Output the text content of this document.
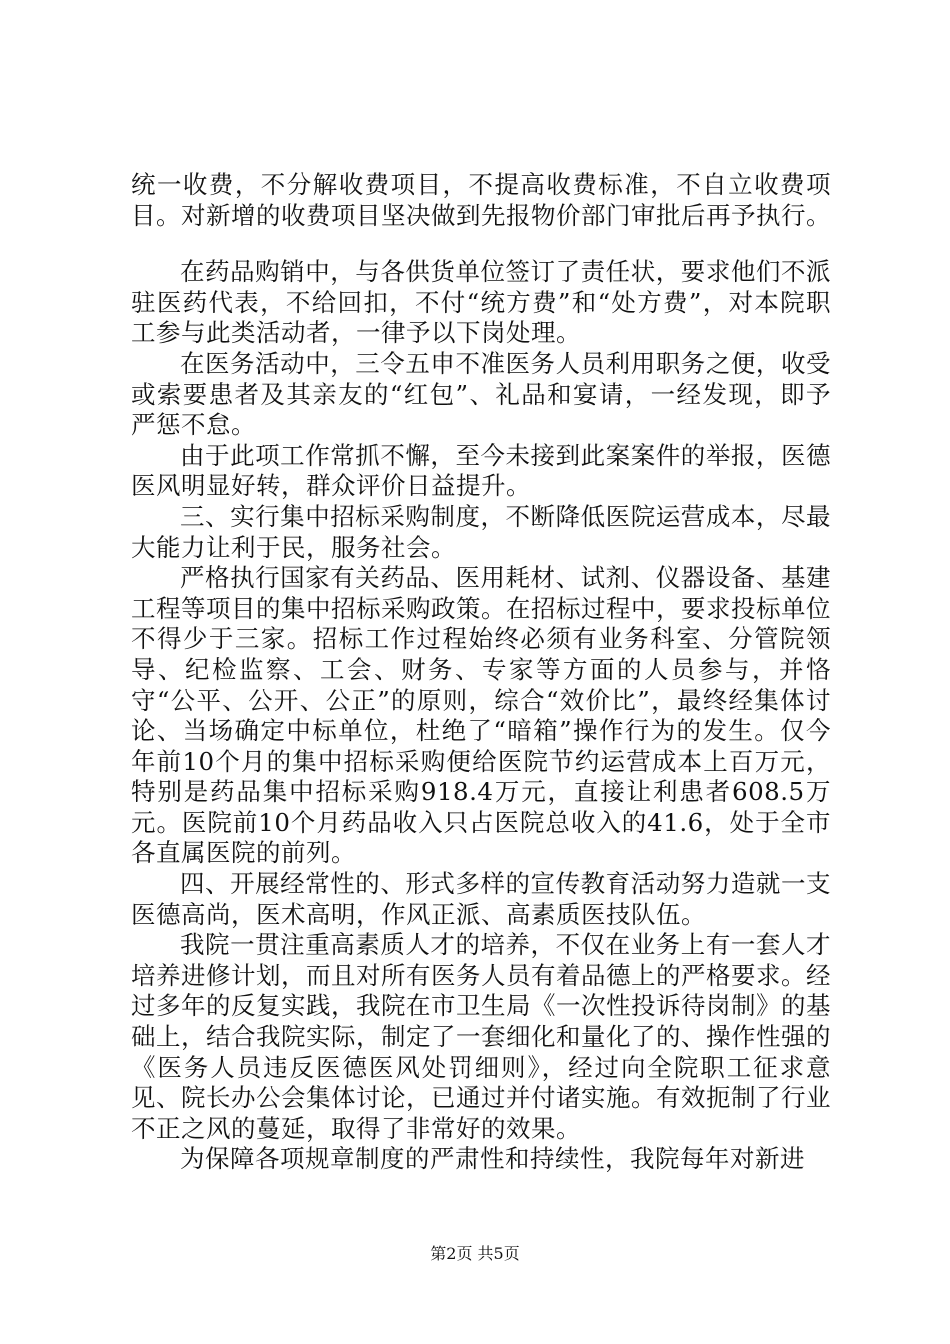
统一收费，不分解收费项目，不提高收费标准，不自立收费项目。对新增的收费项目坚决做到先报物价部门审批后再予执行。

在药品购销中，与各供货单位签订了责任状，要求他们不派驻医药代表，不给回扣，不付“统方费”和“处方费”，对本院职工参与此类活动者，一律予以下岗处理。

在医务活动中，三令五申不准医务人员利用职务之便，收受或索要患者及其亲友的“红包”、礼品和宴请，一经发现，即予严惩不怠。

由于此项工作常抓不懈，至今未接到此案案件的举报，医德医风明显好转，群众评价日益提升。

三、实行集中招标采购制度，不断降低医院运营成本，尽最大能力让利于民，服务社会。

严格执行国家有关药品、医用耗材、试剂、仪器设备、基建工程等项目的集中招标采购政策。在招标过程中，要求投标单位不得少于三家。招标工作过程始终必须有业务科室、分管院领导、纪检监察、工会、财务、专家等方面的人员参与，并恪守“公平、公开、公正”的原则，综合“效价比”，最终经集体讨论、当场确定中标单位，杜绝了“暗箱”操作行为的发生。仅今年前10个月的集中招标采购便给医院节约运营成本上百万元，特别是药品集中招标采购918.4万元，直接让利患者608.5万元。医院前10个月药品收入只占医院总收入的41.6，处于全市各直属医院的前列。

四、开展经常性的、形式多样的宣传教育活动努力造就一支医德高尚，医术高明，作风正派、高素质医技队伍。

我院一贯注重高素质人才的培养，不仅在业务上有一套人才培养进修计划，而且对所有医务人员有着品德上的严格要求。经过多年的反复实践，我院在市卫生局《一次性投诉待岗制》的基础上，结合我院实际，制定了一套细化和量化了的、操作性强的《医务人员违反医德医风处罚细则》，经过向全院职工征求意见、院长办公会集体讨论，已通过并付诸实施。有效扼制了行业不正之风的蔓延，取得了非常好的效果。

为保障各项规章制度的严肃性和持续性，我院每年对新进

第2页 共5页
